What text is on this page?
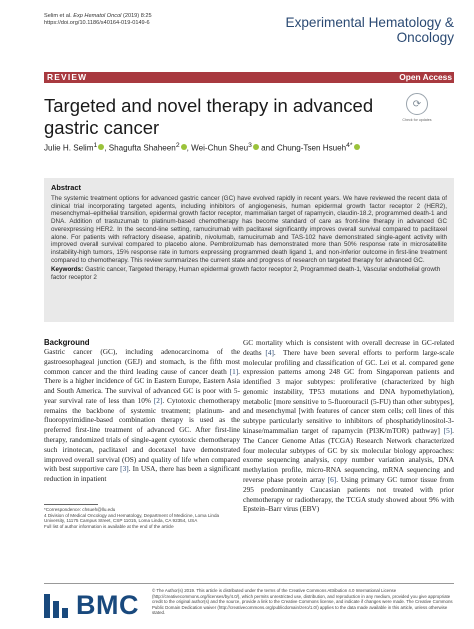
Selim et al. Exp Hematol Oncol (2019) 8:25
https://doi.org/10.1186/s40164-019-0149-6	Experimental Hematology &
Oncology
REVIEW	Open Access
Targeted and novel therapy in advanced gastric cancer
⟳
Check for updates
Julie H. Selim$^1$ , Shagufta Shaheen$^2$ , Wei-Chun Sheu$^3$ and Chung-Tsen Hsueh$^{4*}$
Abstract
The systemic treatment options for advanced gastric cancer (GC) have evolved rapidly in recent years. We have reviewed the recent data of clinical trial incorporating targeted agents, including inhibitors of angiogenesis, human epidermal growth factor receptor 2 (HER2), mesenchymal–epithelial transition, epidermal growth factor receptor, mammalian target of rapamycin, claudin-18.2, programmed death-1 and DNA. Addition of trastuzumab to platinum-based chemotherapy has become standard of care as front-line therapy in advanced GC overexpressing HER2. In the second-line setting, ramucirumab with paclitaxel significantly improves overall survival compared to paclitaxel alone. For patients with refractory disease, apatinib, nivolumab, ramucirumab and TAS-102 have demonstrated single-agent activity with improved overall survival compared to placebo alone. Pembrolizumab has demonstrated more than 50% response rate in microsatellite instability-high tumors, 15% response rate in tumors expressing programmed death ligand 1, and non-inferior outcome in first-line treatment compared to chemotherapy. This review summarizes the current state and progress of research on targeted therapy for advanced GC.
Keywords: Gastric cancer, Targeted therapy, Human epidermal growth factor receptor 2, Programmed death-1, Vascular endothelial growth factor receptor 2
Background
Gastric cancer (GC), including adenocarcinoma of the gastroesophageal junction (GEJ) and stomach, is the fifth most common cancer and the third leading cause of cancer death [1]. There is a higher incidence of GC in Eastern Europe, Eastern Asia and South America. The survival of advanced GC is poor with 5-year survival rate of less than 10% [2]. Cytotoxic chemotherapy remains the backbone of systemic treatment; platinum- and fluoropyrimidine-based combination therapy is used as the preferred first-line treatment of advanced GC. After first-line therapy, randomized trials of single-agent cytotoxic chemotherapy such irinotecan, paclitaxel and docetaxel have demonstrated improved overall survival (OS) and quality of life when compared with best supportive care [3]. In USA, there has been a significant reduction in inpatient
GC mortality which is consistent with overall decrease in GC-related deaths [4]. There have been several efforts to perform large-scale molecular profiling and classification of GC. Lei et al. compared gene expression patterns among 248 GC from Singaporean patients and identified 3 major subtypes: proliferative (characterized by high genomic instability, TP53 mutations and DNA hypomethylation), metabolic [more sensitive to 5-fluorouracil (5-FU) than other subtypes], and mesenchymal [with features of cancer stem cells; cell lines of this subtype particularly sensitive to inhibitors of phosphatidylinositol-3-kinase/mammalian target of rapamycin (PI3K/mTOR) pathway] [5]. The Cancer Genome Atlas (TCGA) Research Network characterized four molecular subtypes of GC by six molecular biology approaches: exome sequencing analysis, copy number variation analysis, DNA methylation profile, micro-RNA sequencing, mRNA sequencing and reverse phase protein array [6]. Using primary GC tumor tissue from 295 predominantly Caucasian patients not treated with prior chemotherapy or radiotherapy, the TCGA study showed about 9% with Epstein–Barr virus (EBV)
*Correspondence: chsueh@llu.edu
4 Division of Medical Oncology and Hematology, Department of Medicine, Loma Linda University, 11175 Campus Street, CSP 11015, Loma Linda, CA 92354, USA
Full list of author information is available at the end of the article
BMC	© The Author(s) 2019. This article is distributed under the terms of the Creative Commons Attribution 4.0 International License (http://creativecommons.org/licenses/by/4.0/), which permits unrestricted use, distribution, and reproduction in any medium, provided you give appropriate credit to the original author(s) and the source, provide a link to the Creative Commons license, and indicate if changes were made. The Creative Commons Public Domain Dedication waiver (http://creativecommons.org/publicdomain/zero/1.0/) applies to the data made available in this article, unless otherwise stated.
